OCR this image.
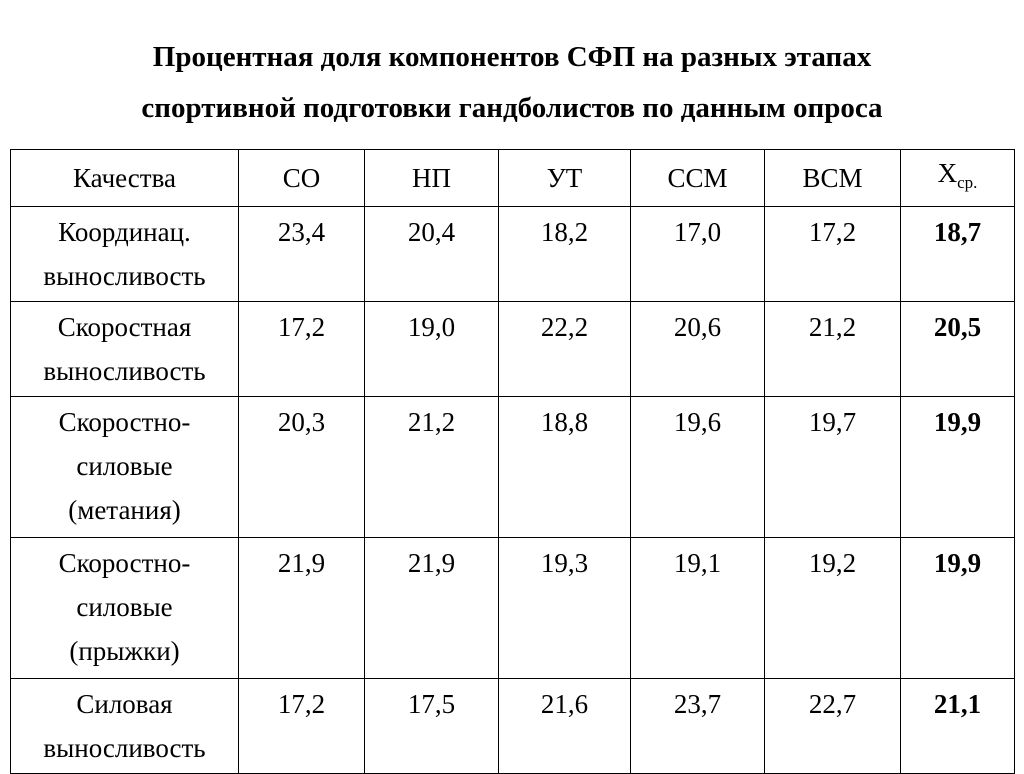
Процентная доля компонентов СФП на разных этапах
спортивной подготовки гандболистов по данным опроса
Качества	СО	НП	УТ	ССМ	ВСМ	$X_{ср.}$

Координац.
выносливость	23,4	20,4	18,2	17,0	17,2	18,7

Скоростная
выносливость	17,2	19,0	22,2	20,6	21,2	20,5

Скоростно-
силовые
(метания)	20,3	21,2	18,8	19,6	19,7	19,9

Скоростно-
силовые
(прыжки)	21,9	21,9	19,3	19,1	19,2	19,9

Силовая
выносливость	17,2	17,5	21,6	23,7	22,7	21,1
